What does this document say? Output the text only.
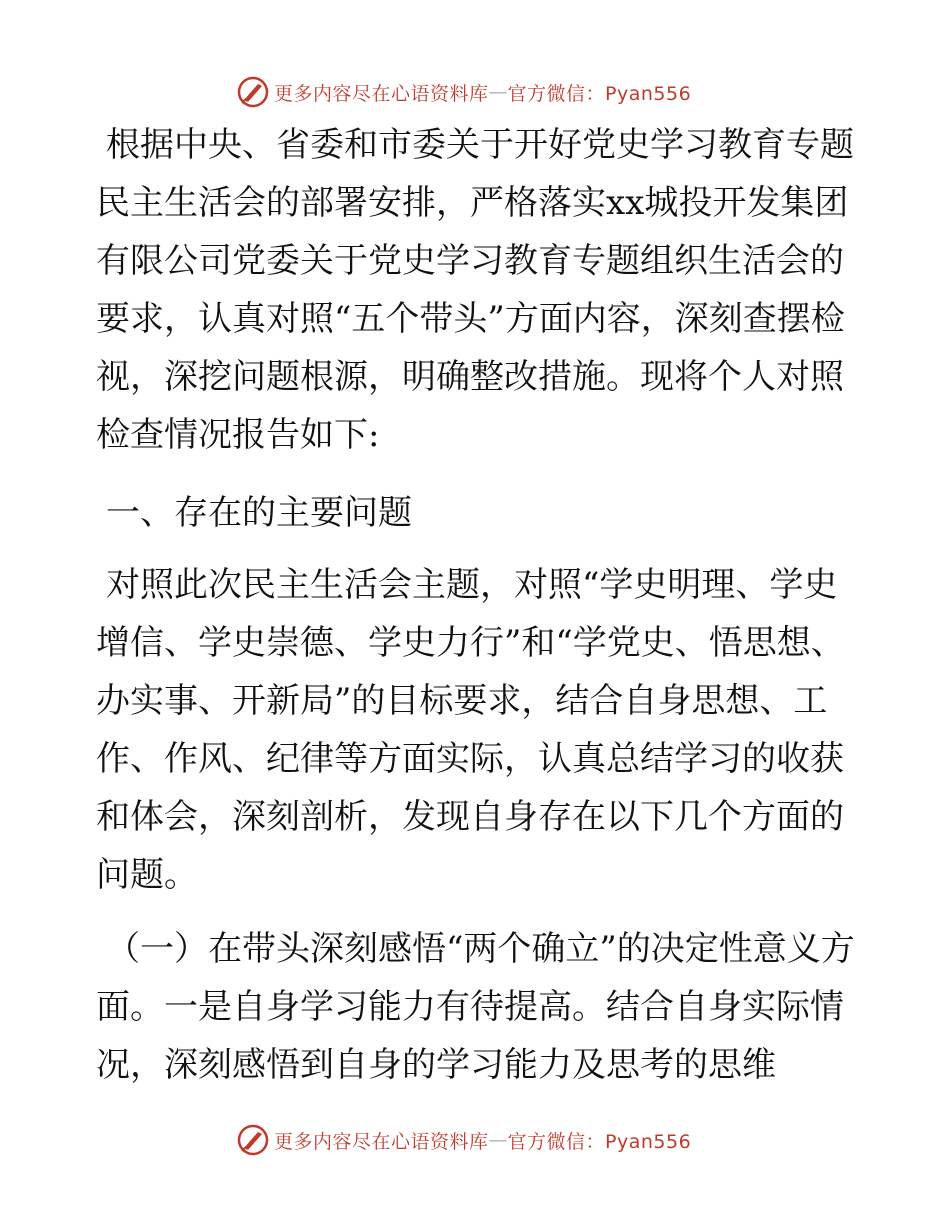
更多内容尽在心语资料库 — 官方微信：Pyan556

根据中央、省委和市委关于开好党史学习教育专题民主生活会的部署安排，严格落实xx城投开发集团有限公司党委关于党史学习教育专题组织生活会的要求，认真对照“五个带头”方面内容，深刻查摆检视，深挖问题根源，明确整改措施。现将个人对照检查情况报告如下:

一、存在的主要问题

对照此次民主生活会主题，对照“学史明理、学史增信、学史崇德、学史力行”和“学党史、悟思想、办实事、开新局”的目标要求，结合自身思想、工作、作风、纪律等方面实际，认真总结学习的收获和体会，深刻剖析，发现自身存在以下几个方面的问题。

（一）在带头深刻感悟“两个确立”的决定性意义方面。一是自身学习能力有待提高。结合自身实际情况，深刻感悟到自身的学习能力及思考的思维

更多内容尽在心语资料库 — 官方微信：Pyan556
